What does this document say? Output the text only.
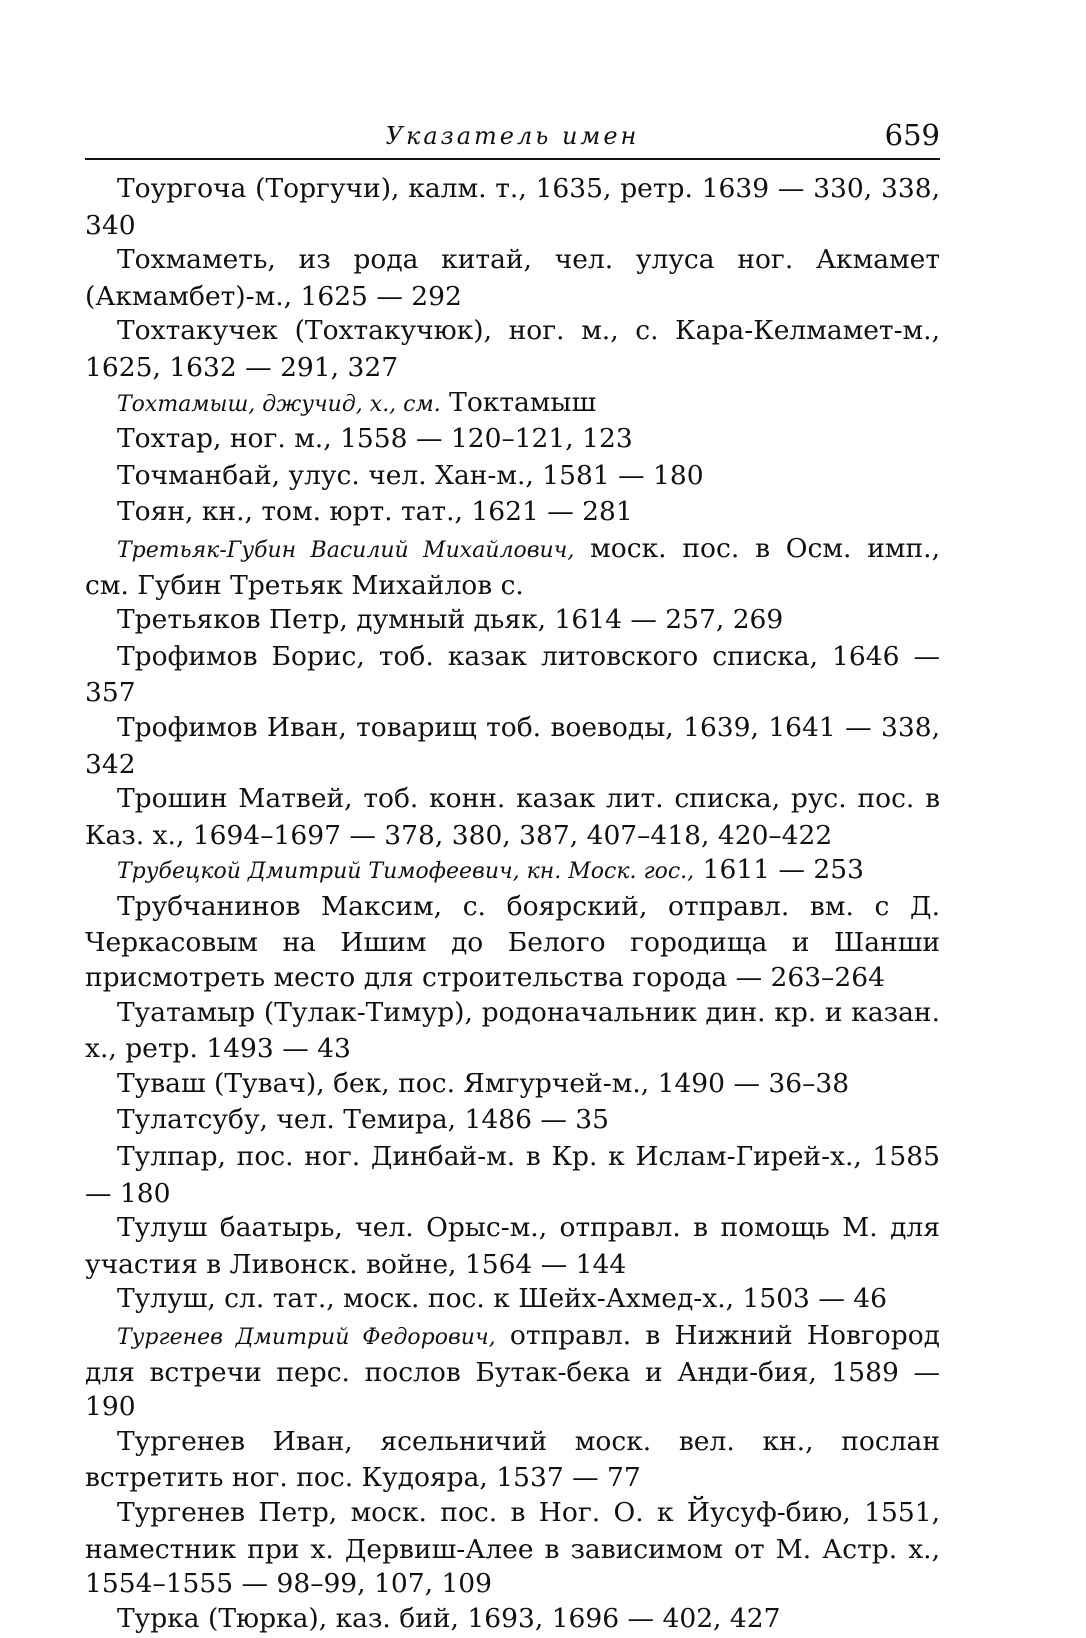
Указатель имен	659

Тоургоча (Торгучи), калм. т., 1635, ретр. 1639 — 330, 338, 340

Тохмаметь, из рода китай, чел. улуса ног. Акмамет (Акмамбет)-м., 1625 — 292

Тохтакучек (Тохтакучюк), ног. м., с. Кара-Келмамет-м., 1625, 1632 — 291, 327

Тохтамыш, джучид, х., см. Токтамыш

Тохтар, ног. м., 1558 — 120–121, 123

Точманбай, улус. чел. Хан-м., 1581 — 180

Тоян, кн., том. юрт. тат., 1621 — 281

Третьяк-Губин Василий Михайлович, моск. пос. в Осм. имп., см. Губин Третьяк Михайлов с.

Третьяков Петр, думный дьяк, 1614 — 257, 269

Трофимов Борис, тоб. казак литовского списка, 1646 — 357

Трофимов Иван, товарищ тоб. воеводы, 1639, 1641 — 338, 342

Трошин Матвей, тоб. конн. казак лит. списка, рус. пос. в Каз. х., 1694–1697 — 378, 380, 387, 407–418, 420–422

Трубецкой Дмитрий Тимофеевич, кн. Моск. гос., 1611 — 253

Трубчанинов Максим, с. боярский, отправл. вм. с Д. Черкасовым на Ишим до Белого городища и Шанши присмотреть место для строительства города — 263–264

Туатамыр (Тулак-Тимур), родоначальник дин. кр. и казан. х., ретр. 1493 — 43

Туваш (Тувач), бек, пос. Ямгурчей-м., 1490 — 36–38

Тулатсубу, чел. Темира, 1486 — 35

Тулпар, пос. ног. Динбай-м. в Кр. к Ислам-Гирей-х., 1585 — 180

Тулуш баатырь, чел. Орыс-м., отправл. в помощь М. для участия в Ливонск. войне, 1564 — 144

Тулуш, сл. тат., моск. пос. к Шейх-Ахмед-х., 1503 — 46

Тургенев Дмитрий Федорович, отправл. в Нижний Новгород для встречи перс. послов Бутак-бека и Анди-бия, 1589 — 190

Тургенев Иван, ясельничий моск. вел. кн., послан встретить ног. пос. Кудояра, 1537 — 77

Тургенев Петр, моск. пос. в Ног. О. к Йусуф-бию, 1551, наместник при х. Дервиш-Алее в зависимом от М. Астр. х., 1554–1555 — 98–99, 107, 109

Турка (Тюрка), каз. бий, 1693, 1696 — 402, 427
